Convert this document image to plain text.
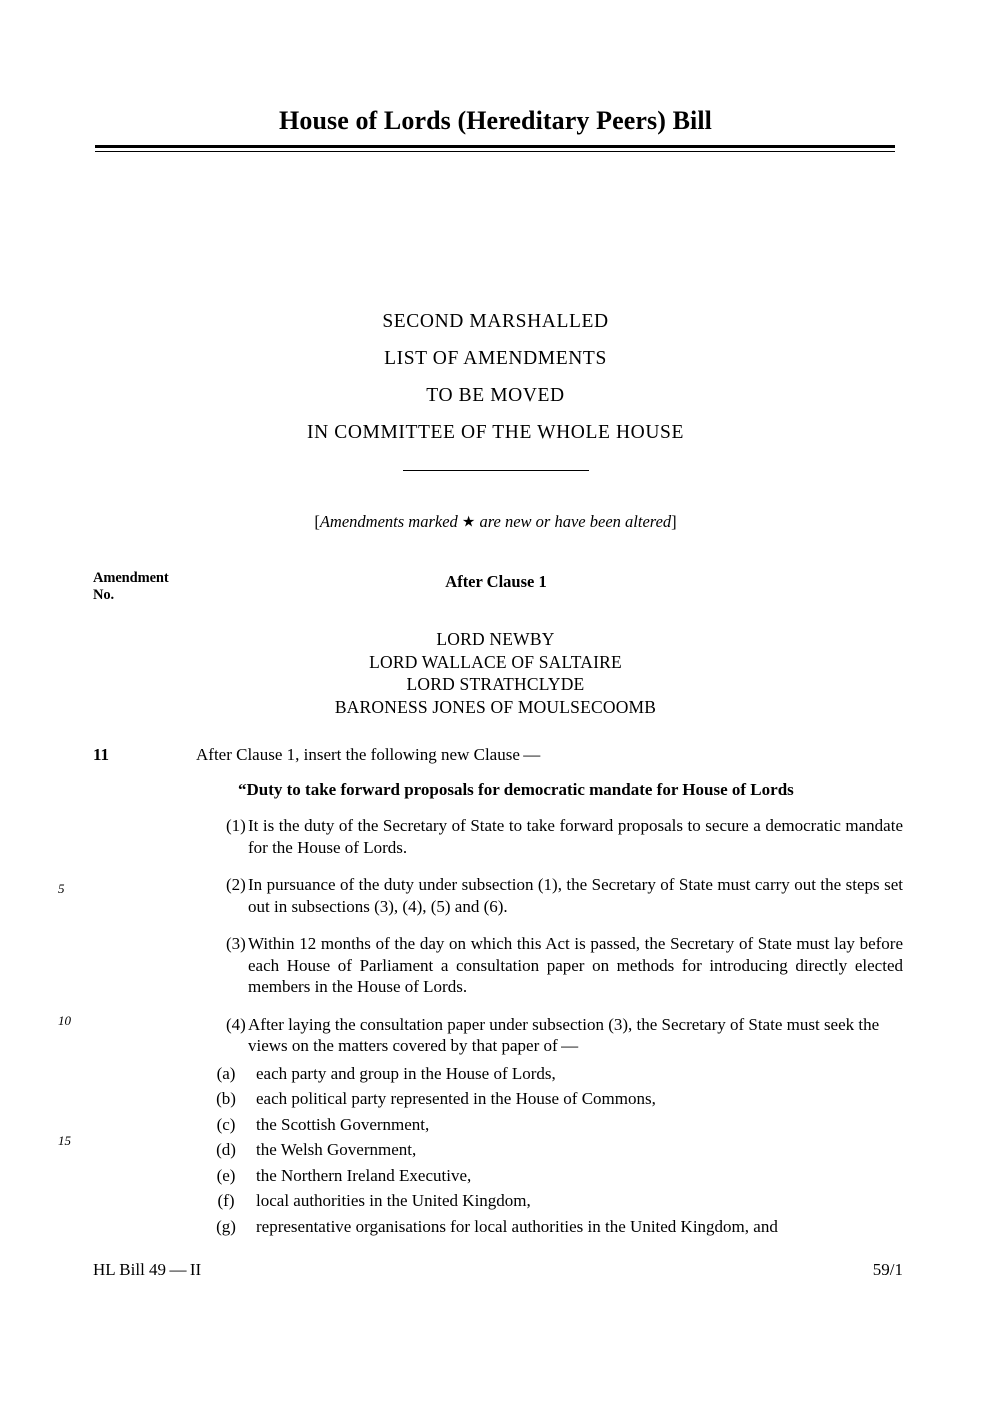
House of Lords (Hereditary Peers) Bill
SECOND MARSHALLED
LIST OF AMENDMENTS
TO BE MOVED
IN COMMITTEE OF THE WHOLE HOUSE
[Amendments marked ★ are new or have been altered]
Amendment
No.
After Clause 1
LORD NEWBY
LORD WALLACE OF SALTAIRE
LORD STRATHCLYDE
BARONESS JONES OF MOULSECOOMB
11	After Clause 1, insert the following new Clause —
“Duty to take forward proposals for democratic mandate for House of Lords
(1) It is the duty of the Secretary of State to take forward proposals to secure a democratic mandate for the House of Lords.
(2) In pursuance of the duty under subsection (1), the Secretary of State must carry out the steps set out in subsections (3), (4), (5) and (6).
(3) Within 12 months of the day on which this Act is passed, the Secretary of State must lay before each House of Parliament a consultation paper on methods for introducing directly elected members in the House of Lords.
(4) After laying the consultation paper under subsection (3), the Secretary of State must seek the views on the matters covered by that paper of —
(a)	each party and group in the House of Lords,
(b)	each political party represented in the House of Commons,
(c)	the Scottish Government,
(d)	the Welsh Government,
(e)	the Northern Ireland Executive,
(f)	local authorities in the United Kingdom,
(g)	representative organisations for local authorities in the United Kingdom, and
5
10
15
HL Bill 49 — II	59/1
